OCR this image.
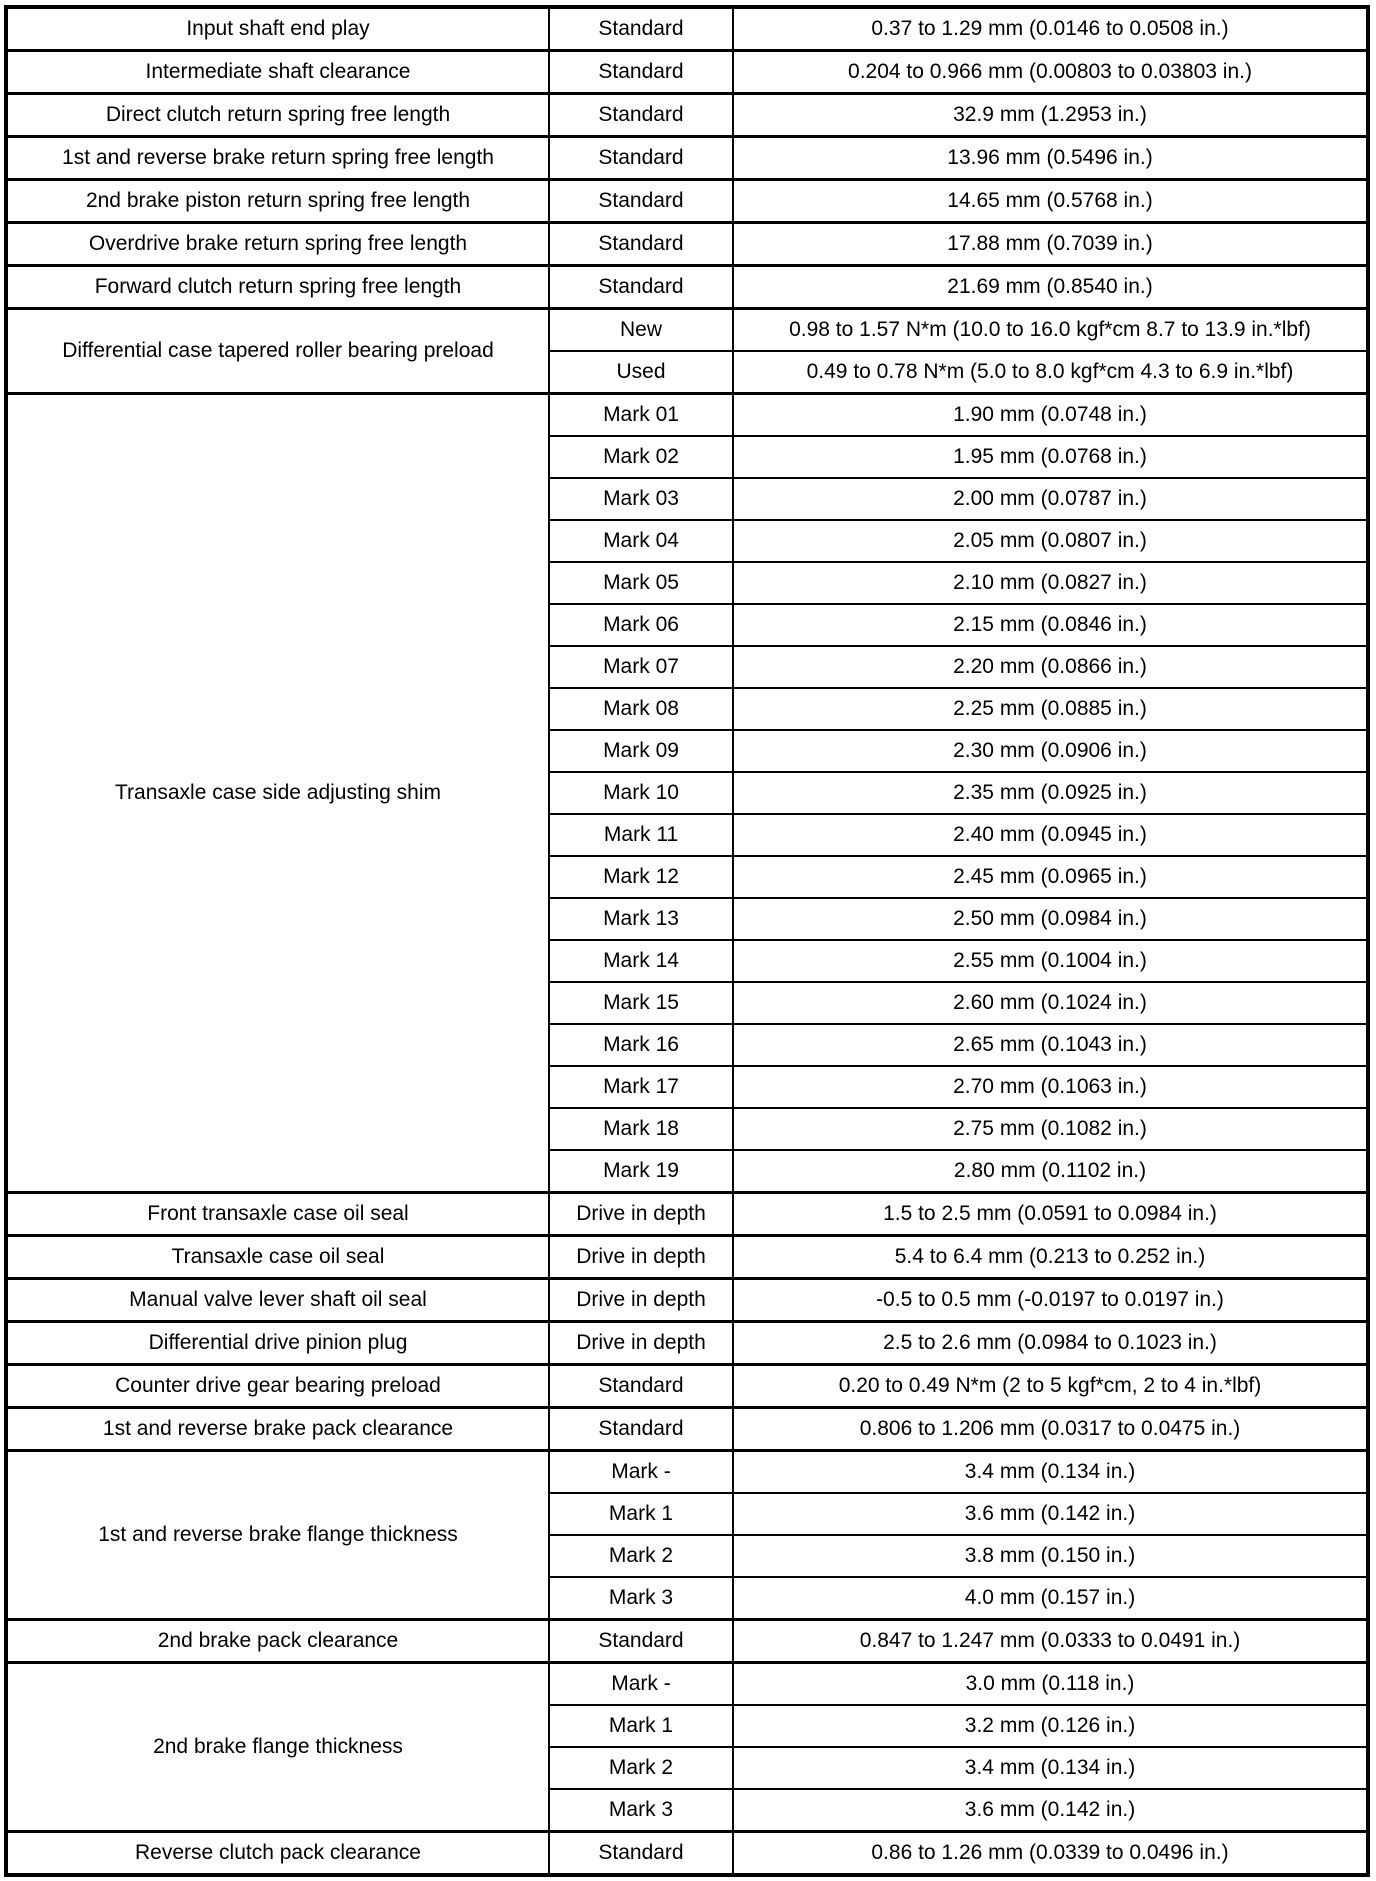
Input shaft end play	Standard	0.37 to 1.29 mm (0.0146 to 0.0508 in.)
Intermediate shaft clearance	Standard	0.204 to 0.966 mm (0.00803 to 0.03803 in.)
Direct clutch return spring free length	Standard	32.9 mm (1.2953 in.)
1st and reverse brake return spring free length	Standard	13.96 mm (0.5496 in.)
2nd brake piston return spring free length	Standard	14.65 mm (0.5768 in.)
Overdrive brake return spring free length	Standard	17.88 mm (0.7039 in.)
Forward clutch return spring free length	Standard	21.69 mm (0.8540 in.)
Differential case tapered roller bearing preload	New	0.98 to 1.57 N*m (10.0 to 16.0 kgf*cm 8.7 to 13.9 in.*lbf)
	Used	0.49 to 0.78 N*m (5.0 to 8.0 kgf*cm 4.3 to 6.9 in.*lbf)
Transaxle case side adjusting shim	Mark 01	1.90 mm (0.0748 in.)
	Mark 02	1.95 mm (0.0768 in.)
	Mark 03	2.00 mm (0.0787 in.)
	Mark 04	2.05 mm (0.0807 in.)
	Mark 05	2.10 mm (0.0827 in.)
	Mark 06	2.15 mm (0.0846 in.)
	Mark 07	2.20 mm (0.0866 in.)
	Mark 08	2.25 mm (0.0885 in.)
	Mark 09	2.30 mm (0.0906 in.)
	Mark 10	2.35 mm (0.0925 in.)
	Mark 11	2.40 mm (0.0945 in.)
	Mark 12	2.45 mm (0.0965 in.)
	Mark 13	2.50 mm (0.0984 in.)
	Mark 14	2.55 mm (0.1004 in.)
	Mark 15	2.60 mm (0.1024 in.)
	Mark 16	2.65 mm (0.1043 in.)
	Mark 17	2.70 mm (0.1063 in.)
	Mark 18	2.75 mm (0.1082 in.)
	Mark 19	2.80 mm (0.1102 in.)
Front transaxle case oil seal	Drive in depth	1.5 to 2.5 mm (0.0591 to 0.0984 in.)
Transaxle case oil seal	Drive in depth	5.4 to 6.4 mm (0.213 to 0.252 in.)
Manual valve lever shaft oil seal	Drive in depth	-0.5 to 0.5 mm (-0.0197 to 0.0197 in.)
Differential drive pinion plug	Drive in depth	2.5 to 2.6 mm (0.0984 to 0.1023 in.)
Counter drive gear bearing preload	Standard	0.20 to 0.49 N*m (2 to 5 kgf*cm, 2 to 4 in.*lbf)
1st and reverse brake pack clearance	Standard	0.806 to 1.206 mm (0.0317 to 0.0475 in.)
1st and reverse brake flange thickness	Mark -	3.4 mm (0.134 in.)
	Mark 1	3.6 mm (0.142 in.)
	Mark 2	3.8 mm (0.150 in.)
	Mark 3	4.0 mm (0.157 in.)
2nd brake pack clearance	Standard	0.847 to 1.247 mm (0.0333 to 0.0491 in.)
2nd brake flange thickness	Mark -	3.0 mm (0.118 in.)
	Mark 1	3.2 mm (0.126 in.)
	Mark 2	3.4 mm (0.134 in.)
	Mark 3	3.6 mm (0.142 in.)
Reverse clutch pack clearance	Standard	0.86 to 1.26 mm (0.0339 to 0.0496 in.)
